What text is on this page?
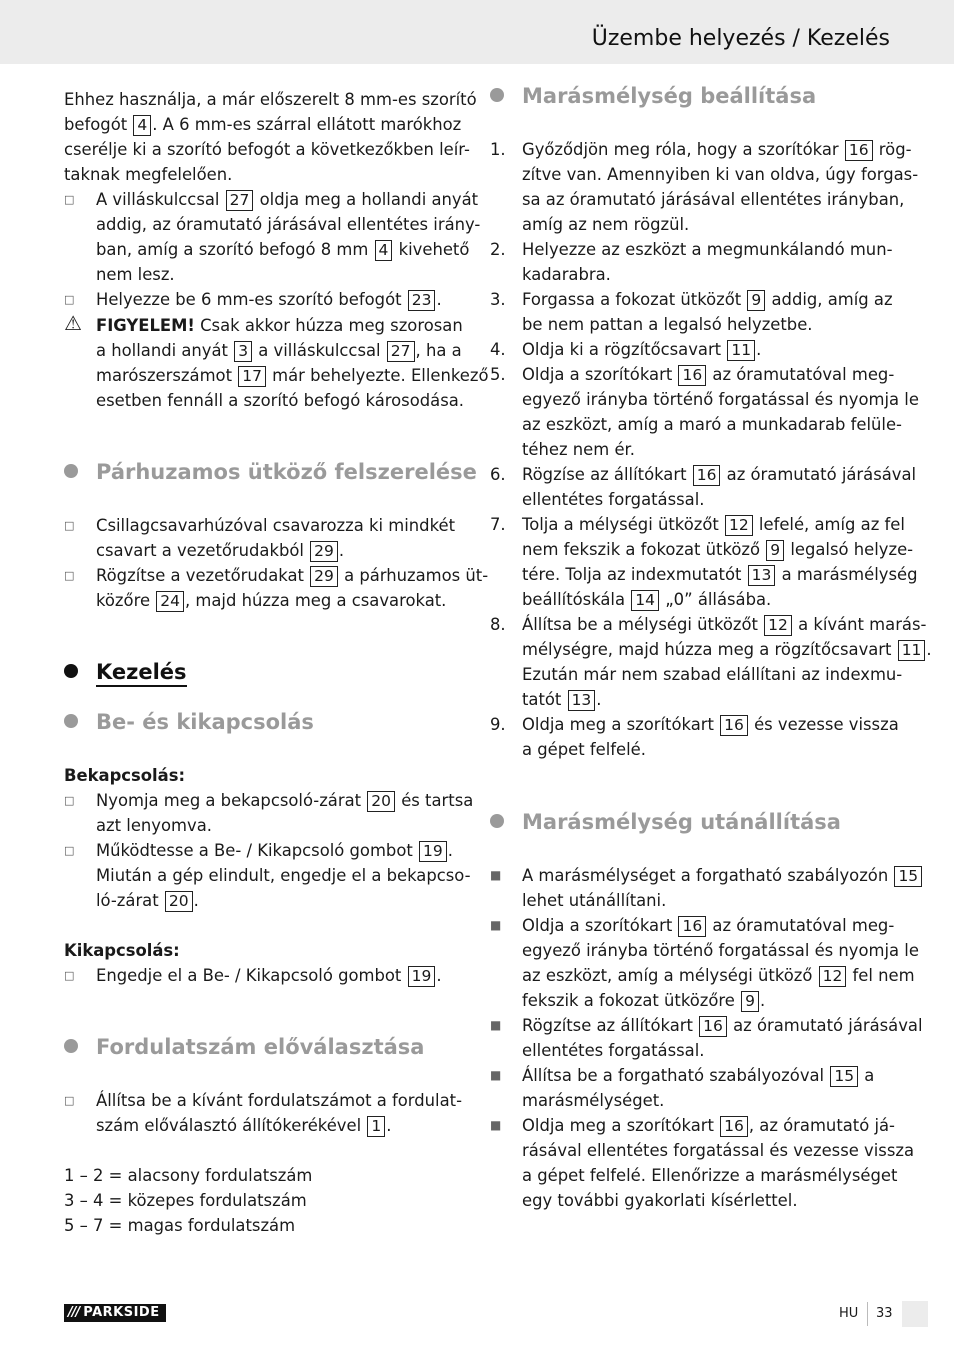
Üzembe helyezés / Kezelés
Ehhez használja, a már előszerelt 8 mm-es szorító
befogót 4 . A 6 mm-es szárral ellátott marókhoz
cserélje ki a szorító befogót a következőkben leír-
taknak megfelelően.
□	A villáskulccsal 27 oldja meg a hollandi anyát
addig, az óramutató járásával ellentétes irány-
ban, amíg a szorító befogó 8 mm 4 kivehető
nem lesz.
□	Helyezze be 6 mm-es szorító befogót 23 .
⚠ FIGYELEM! Csak akkor húzza meg szorosan
a hollandi anyát 3 a villáskulccsal 27 , ha a
marószerszámot 17 már behelyezte. Ellenkező
esetben fennáll a szorító befogó károsodása.
Párhuzamos ütköző felszerelése
□	Csillagcsavarhúzóval csavarozza ki mindkét
csavart a vezetőrudakból 29 .
□	Rögzítse a vezetőrudakat 29 a párhuzamos üt-
közőre 24 , majd húzza meg a csavarokat.
Kezelés
Be- és kikapcsolás
Bekapcsolás:
□	Nyomja meg a bekapcsoló-zárat 20 és tartsa
azt lenyomva.
□	Működtesse a Be- / Kikapcsoló gombot 19 .
Miután a gép elindult, engedje el a bekapcso-
ló-zárat 20 .
Kikapcsolás:
□	Engedje el a Be- / Kikapcsoló gombot 19 .
Fordulatszám előválasztása
□	Állítsa be a kívánt fordulatszámot a fordulat-
szám előválasztó állítókerékével 1 .
1 – 2 = alacsony fordulatszám
3 – 4 = közepes fordulatszám
5 – 7 = magas fordulatszám
Marásmélység beállítása
1. Győződjön meg róla, hogy a szorítókar 16 rög-
zítve van. Amennyiben ki van oldva, úgy forgas-
sa az óramutató járásával ellentétes irányban,
amíg az nem rögzül.
2. Helyezze az eszközt a megmunkálandó mun-
kadarabra.
3. Forgassa a fokozat ütközőt 9 addig, amíg az
be nem pattan a legalsó helyzetbe.
4. Oldja ki a rögzítőcsavart 11 .
5. Oldja a szorítókart 16 az óramutatóval meg-
egyező irányba történő forgatással és nyomja le
az eszközt, amíg a maró a munkadarab felüle-
téhez nem ér.
6. Rögzíse az állítókart 16 az óramutató járásával
ellentétes forgatással.
7. Tolja a mélységi ütközőt 12 lefelé, amíg az fel
nem fekszik a fokozat ütköző 9 legalsó helyze-
tére. Tolja az indexmutatót 13 a marásmélység
beállítóskála 14 „0” állásába.
8. Állítsa be a mélységi ütközőt 12 a kívánt marás-
mélységre, majd húzza meg a rögzítőcsavart 11 .
Ezután már nem szabad elállítani az indexmu-
tatót 13 .
9. Oldja meg a szorítókart 16 és vezesse vissza
a gépet felfelé.
Marásmélység utánállítása
■	A marásmélységet a forgatható szabályozón 15
lehet utánállítani.
■	Oldja a szorítókart 16 az óramutatóval meg-
egyező irányba történő forgatással és nyomja le
az eszközt, amíg a mélységi ütköző 12 fel nem
fekszik a fokozat ütközőre 9 .
■	Rögzítse az állítókart 16 az óramutató járásával
ellentétes forgatással.
■	Állítsa be a forgatható szabályozóval 15 a
marásmélységet.
■	Oldja meg a szorítókart 16 , az óramutató já-
rásával ellentétes forgatással és vezesse vissza
a gépet felfelé. Ellenőrizze a marásmélységet
egy további gyakorlati kísérlettel.
/// PARKSIDE	HU 33
